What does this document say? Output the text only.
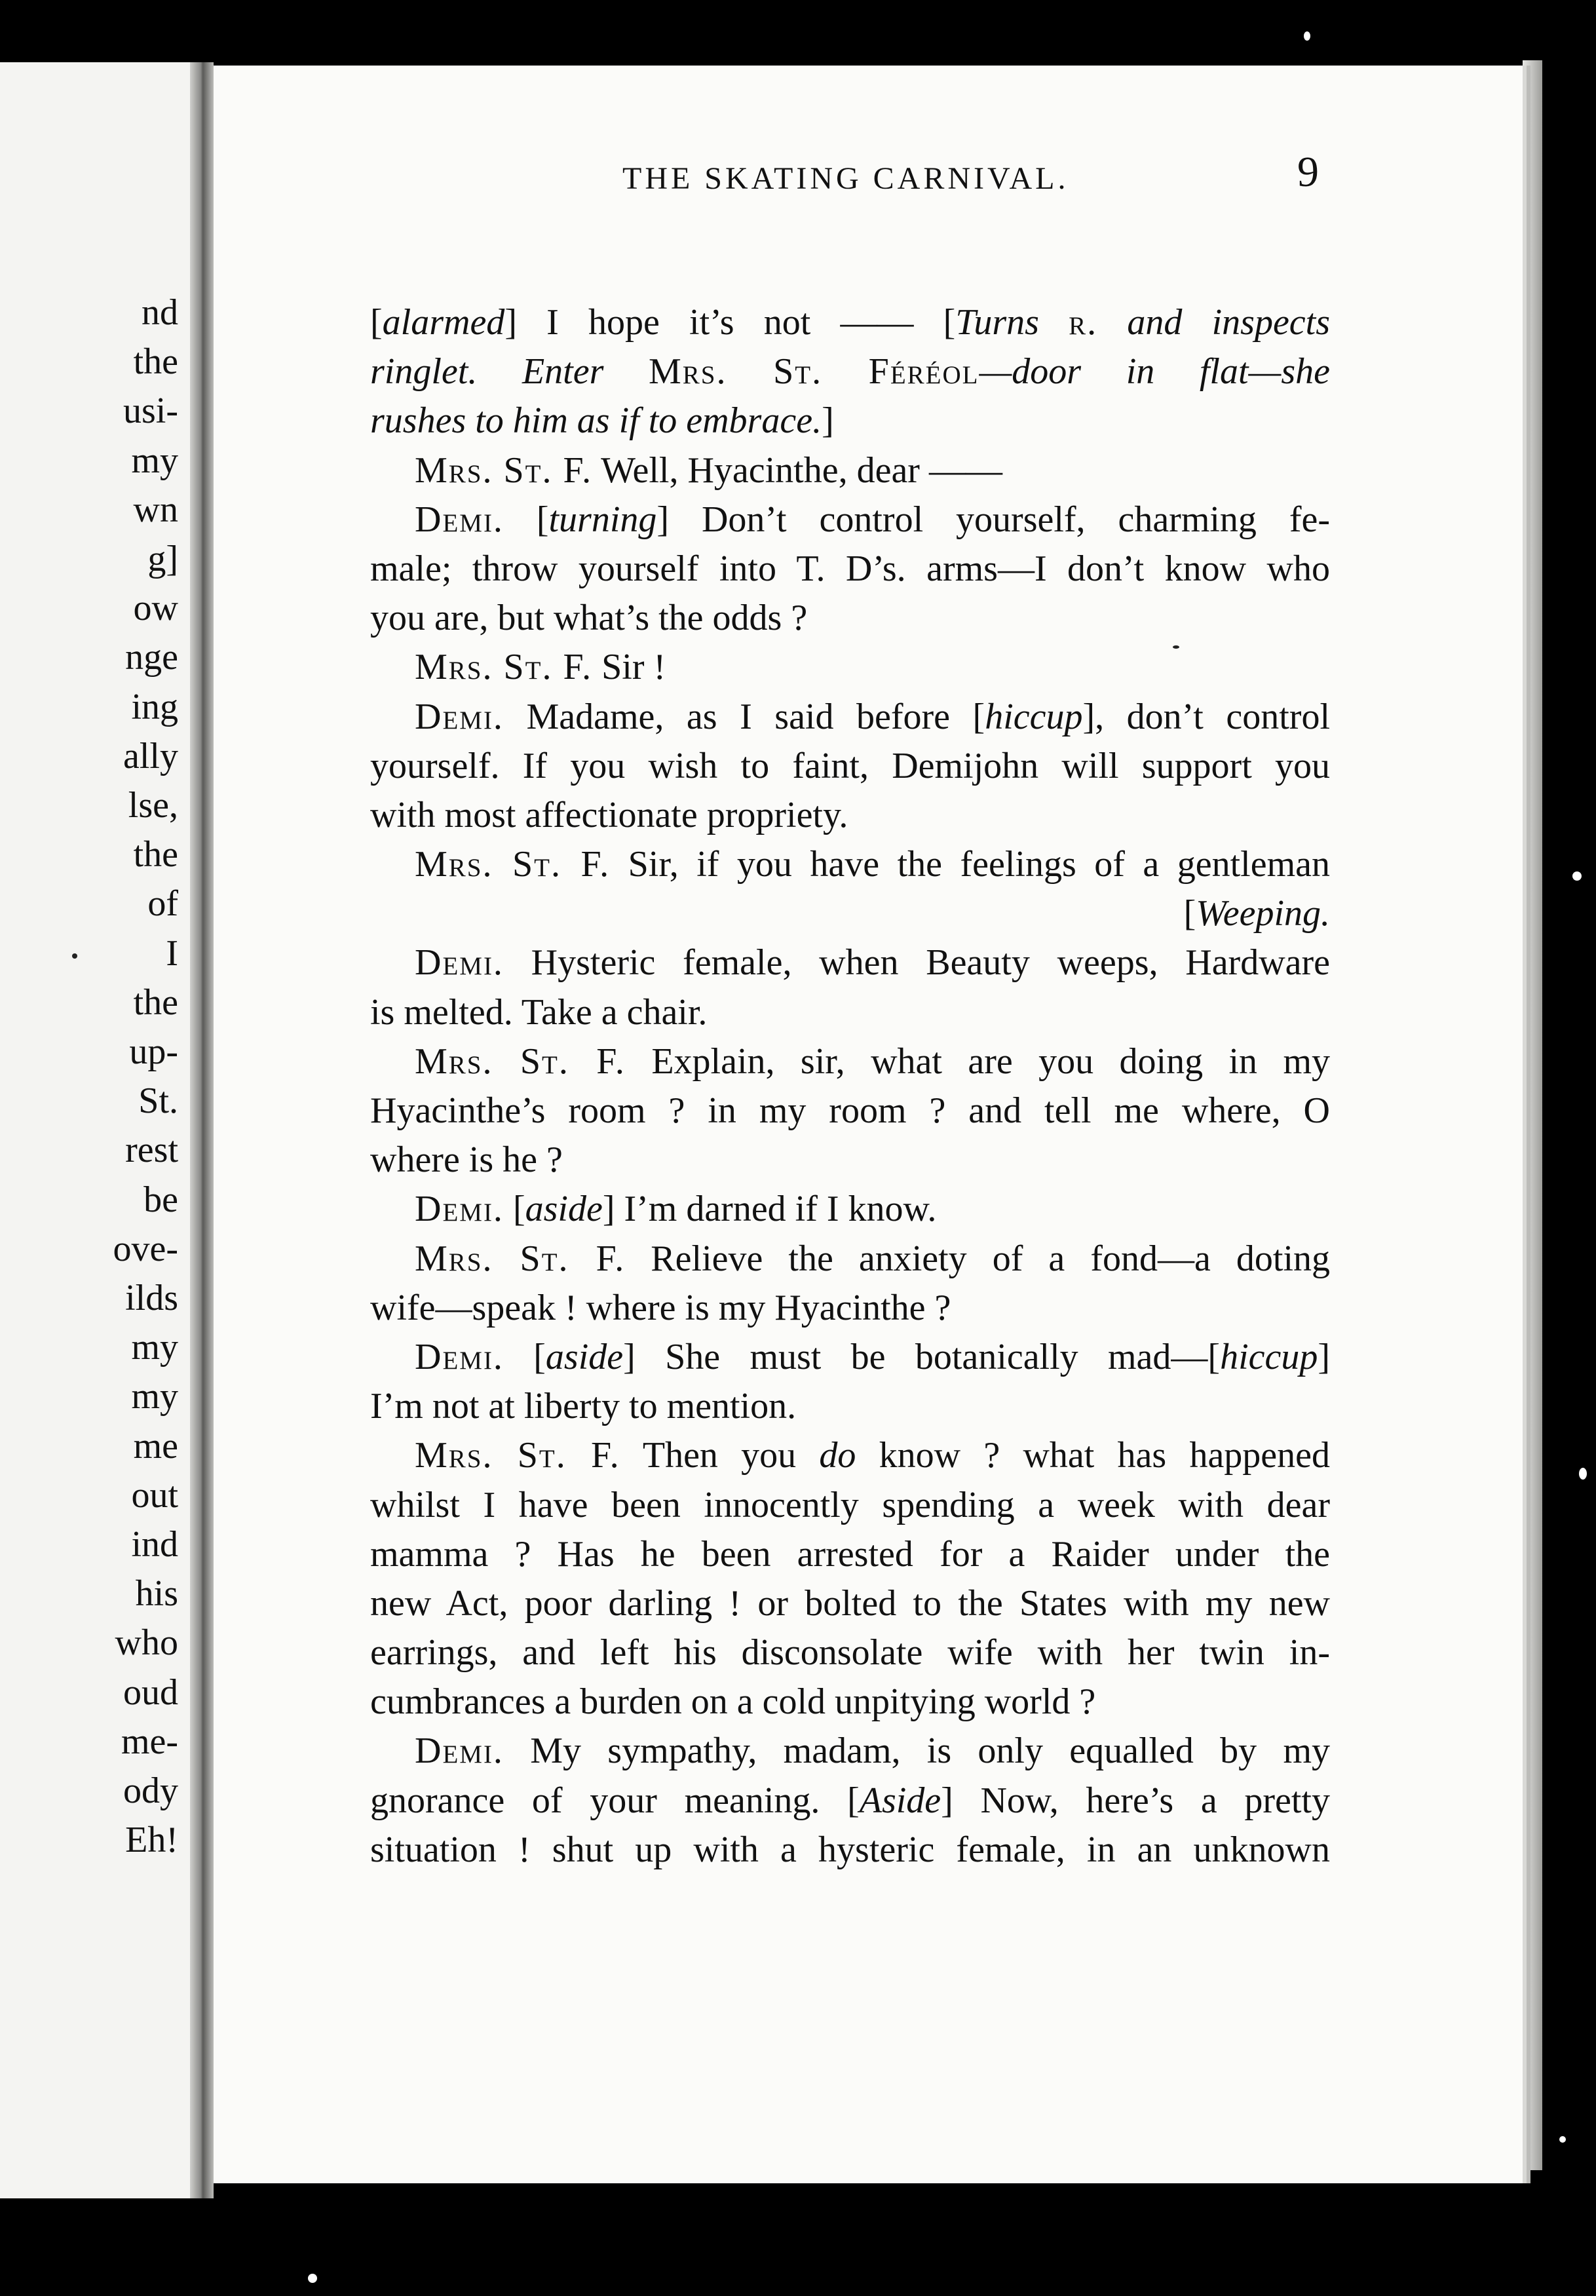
nd
the
usi-
my
wn
g]
ow
nge
ing
ally
lse,
the
of
I
the
up-
St.
rest
be
ove-
ilds
my
my
me
out
ind
his
who
oud
me-
ody
Eh!
THE SKATING CARNIVAL.	9
[alarmed] I hope it’s not —— [Turns r. and inspects
ringlet. Enter Mrs. St. Féréol—door in flat—she
rushes to him as if to embrace.]
Mrs. St. F. Well, Hyacinthe, dear ——
Demi. [turning] Don’t control yourself, charming fe-
male; throw yourself into T. D’s. arms—I don’t know who
you are, but what’s the odds ?
Mrs. St. F. Sir !
Demi. Madame, as I said before [hiccup], don’t control
yourself. If you wish to faint, Demijohn will support you
with most affectionate propriety.
Mrs. St. F. Sir, if you have the feelings of a gentleman
[Weeping.
Demi. Hysteric female, when Beauty weeps, Hardware
is melted. Take a chair.
Mrs. St. F. Explain, sir, what are you doing in my
Hyacinthe’s room ? in my room ? and tell me where, O
where is he ?
Demi. [aside] I’m darned if I know.
Mrs. St. F. Relieve the anxiety of a fond—a doting
wife—speak ! where is my Hyacinthe ?
Demi. [aside] She must be botanically mad—[hiccup]
I’m not at liberty to mention.
Mrs. St. F. Then you do know ? what has happened
whilst I have been innocently spending a week with dear
mamma ? Has he been arrested for a Raider under the
new Act, poor darling ! or bolted to the States with my new
earrings, and left his disconsolate wife with her twin in-
cumbrances a burden on a cold unpitying world ?
Demi. My sympathy, madam, is only equalled by my
gnorance of your meaning. [Aside] Now, here’s a pretty
situation ! shut up with a hysteric female, in an unknown
